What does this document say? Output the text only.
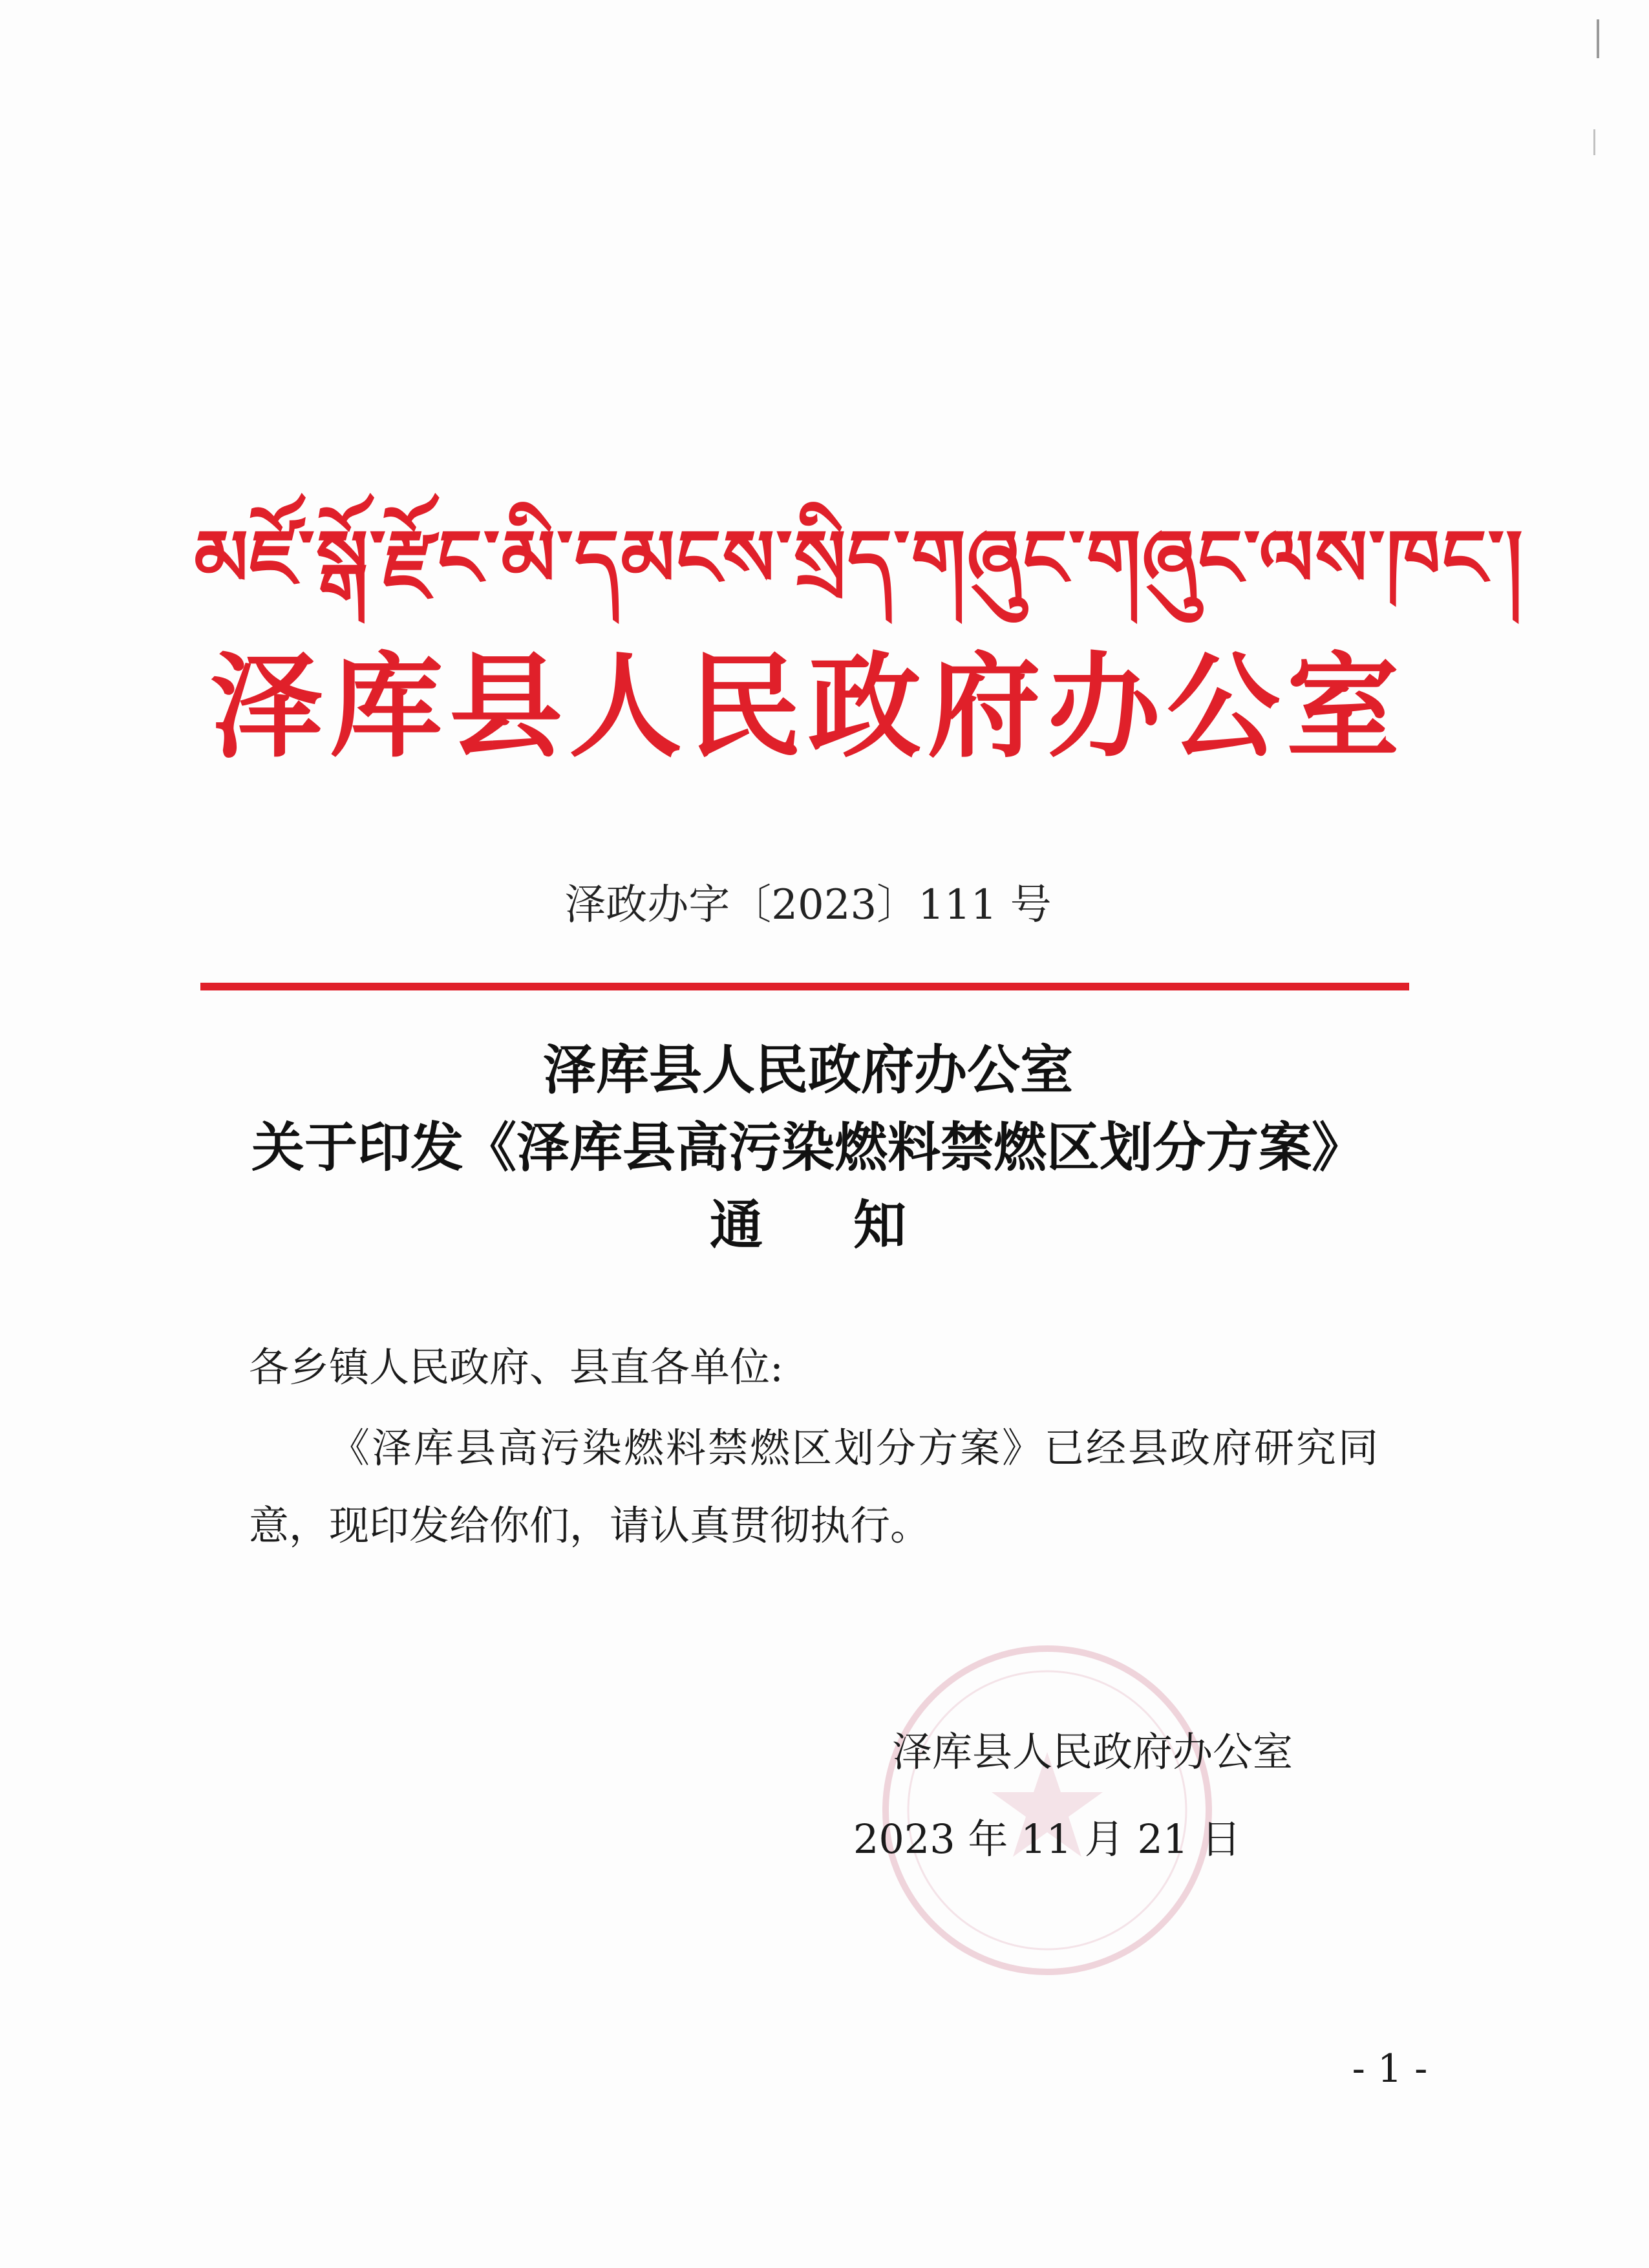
མཛོ་སྒོ་རྫོང་མི་དམངས་སྲིད་གཞུང་གཞུང་ལས་ཁང་།
泽库县人民政府办公室
泽政办字〔2023〕111 号
泽库县人民政府办公室
关于印发《泽库县高污染燃料禁燃区划分方案》
通知
各乡镇人民政府、县直各单位:
《泽库县高污染燃料禁燃区划分方案》已经县政府研究同
意，现印发给你们，请认真贯彻执行。
泽库县人民政府办公室
2023 年 11 月 21 日
- 1 -
